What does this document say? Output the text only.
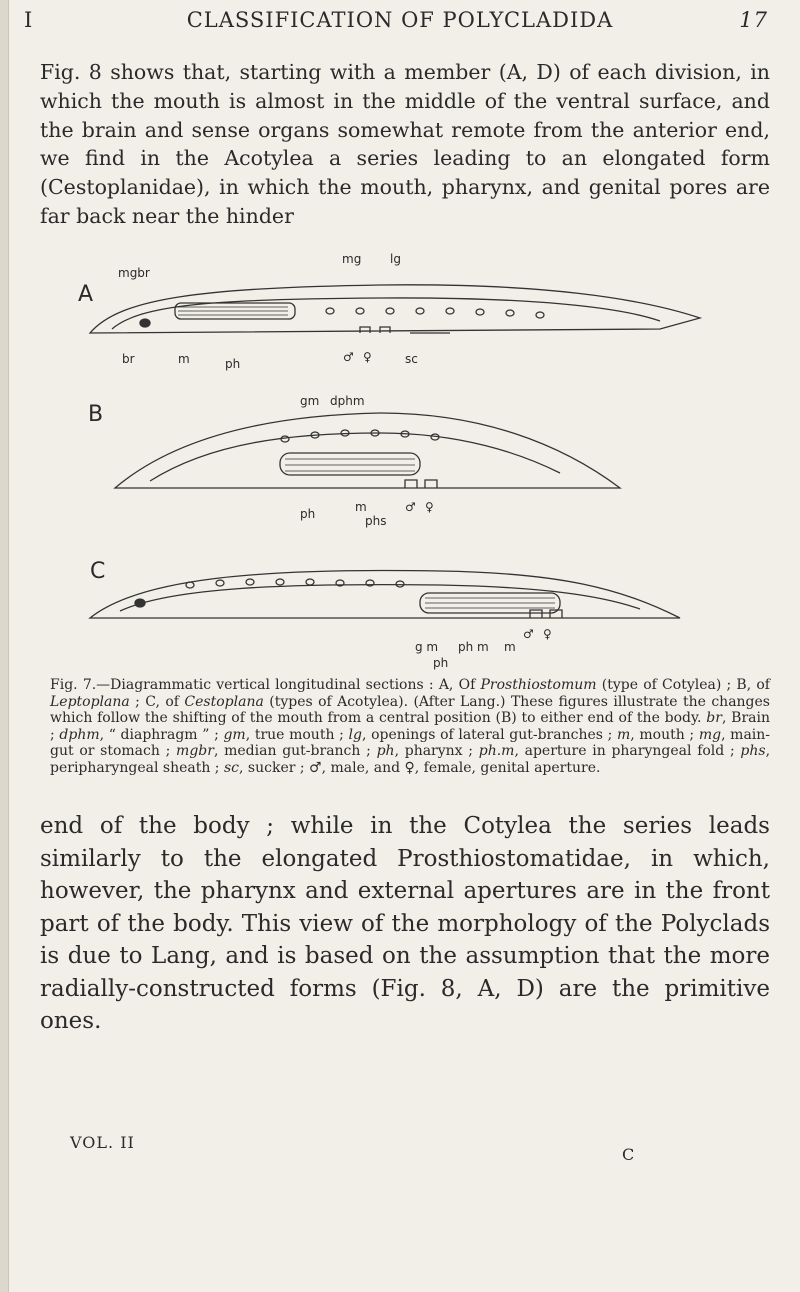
I	CLASSIFICATION OF POLYCLADIDA	17

Fig. 8 shows that, starting with a member (A, D) of each division, in which the mouth is almost in the middle of the ventral surface, and the brain and sense organs somewhat remote from the anterior end, we find in the Acotylea a series leading to an elongated form (Cestoplanidae), in which the mouth, pharynx, and genital pores are far back near the hinder

A
mgbr
mg lg
br	m	ph	♂ ♀	sc
B
gm dphm
ph	m
phs
♂ ♀
C
g m ph m m
ph
♂ ♀

Fig. 7.—Diagrammatic vertical longitudinal sections : A, Of Prosthiostomum (type of Cotylea) ; B, of Leptoplana ; C, of Cestoplana (types of Acotylea). (After Lang.) These figures illustrate the changes which follow the shifting of the mouth from a central position (B) to either end of the body. br, Brain ; dphm, “ diaphragm ” ; gm, true mouth ; lg, openings of lateral gut-branches ; m, mouth ; mg, main-gut or stomach ; mgbr, median gut-branch ; ph, pharynx ; ph.m, aperture in pharyngeal fold ; phs, peripharyngeal sheath ; sc, sucker ; ♂, male, and ♀, female, genital aperture.

end of the body ; while in the Cotylea the series leads similarly to the elongated Prosthiostomatidae, in which, however, the pharynx and external apertures are in the front part of the body. This view of the morphology of the Polyclads is due to Lang, and is based on the assumption that the more radially-constructed forms (Fig. 8, A, D) are the primitive ones.

VOL. II
C
